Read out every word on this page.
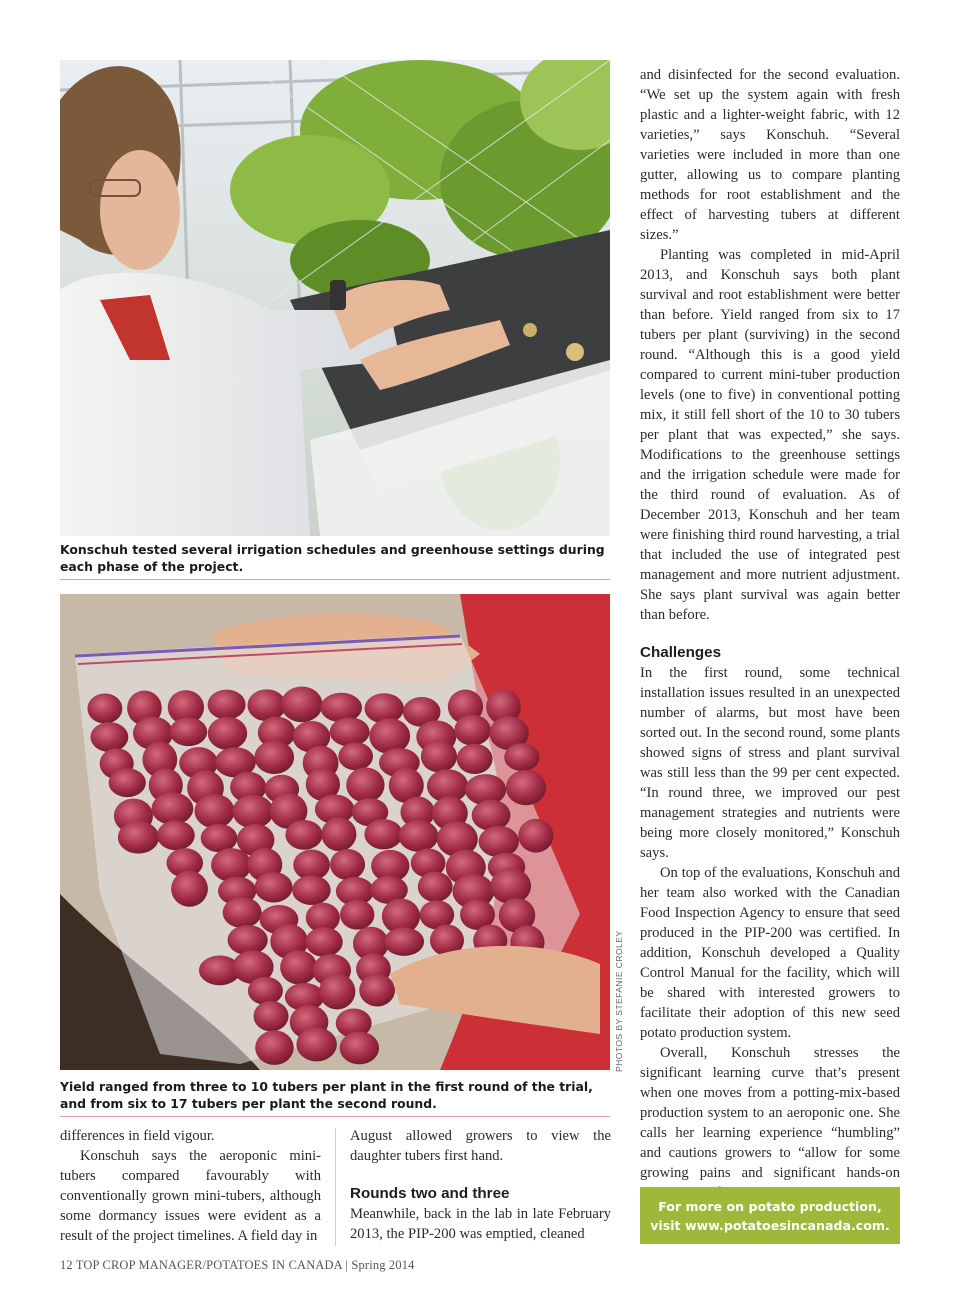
Konschuh tested several irrigation schedules and greenhouse settings during each phase of the project.
PHOTOS BY STEFANIE CROLEY
Yield ranged from three to 10 tubers per plant in the first round of the trial, and from six to 17 tubers per plant the second round.

differences in field vigour.

Konschuh says the aeroponic mini-tubers compared favourably with conventionally grown mini-tubers, although some dormancy issues were evident as a result of the project timelines. A field day in

August allowed growers to view the daughter tubers first hand.

Rounds two and three

Meanwhile, back in the lab in late February 2013, the PIP-200 was emptied, cleaned

and disinfected for the second evaluation. “We set up the system again with fresh plastic and a lighter-weight fabric, with 12 varieties,” says Konschuh. “Several varieties were included in more than one gutter, allowing us to compare planting methods for root establishment and the effect of harvesting tubers at different sizes.”

Planting was completed in mid-April 2013, and Konschuh says both plant survival and root establishment were better than before. Yield ranged from six to 17 tubers per plant (surviving) in the second round. “Although this is a good yield compared to current mini-tuber production levels (one to five) in conventional potting mix, it still fell short of the 10 to 30 tubers per plant that was expected,” she says. Modifications to the greenhouse settings and the irrigation schedule were made for the third round of evaluation. As of December 2013, Konschuh and her team were finishing third round harvesting, a trial that included the use of integrated pest management and more nutrient adjustment. She says plant survival was again better than before.

Challenges

In the first round, some technical installation issues resulted in an unexpected number of alarms, but most have been sorted out. In the second round, some plants showed signs of stress and plant survival was still less than the 99 per cent expected. “In round three, we improved our pest management strategies and nutrients were being more closely monitored,” Konschuh says.

On top of the evaluations, Konschuh and her team also worked with the Canadian Food Inspection Agency to ensure that seed produced in the PIP-200 was certified. In addition, Konschuh developed a Quality Control Manual for the facility, which will be shared with interested growers to facilitate their adoption of this new seed potato production system.

Overall, Konschuh stresses the significant learning curve that’s present when one moves from a potting-mix-based production system to an aeroponic one. She calls her learning experience “humbling” and cautions growers to “allow for some growing pains and significant hands-on

For more on potato production,
visit www.potatoesincanada.com.
12 TOP CROP MANAGER/POTATOES IN CANADA | Spring 2014
